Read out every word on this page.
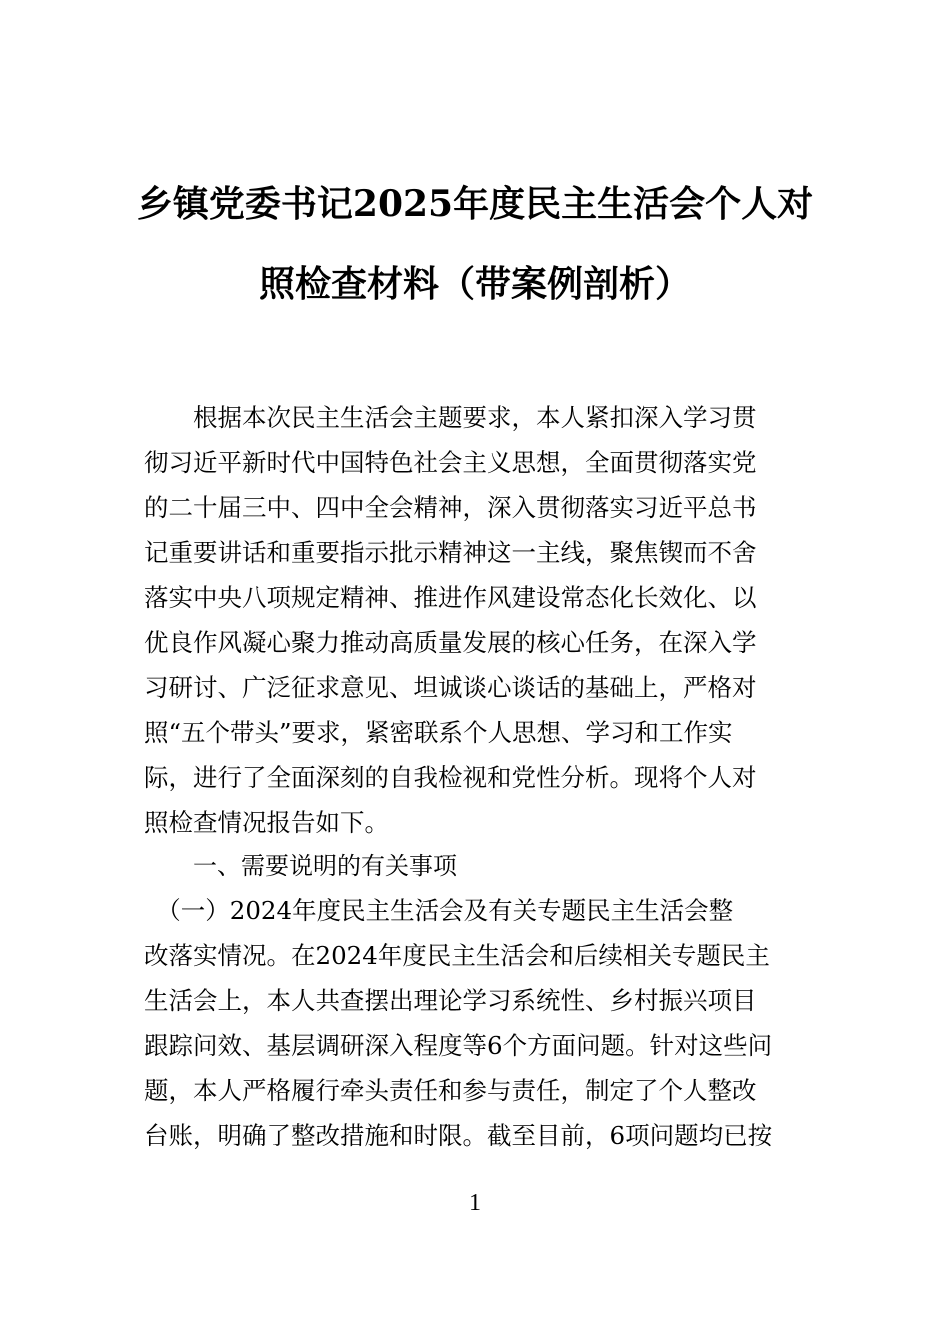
乡镇党委书记2025年度民主生活会个人对
照检查材料（带案例剖析）
　　根据本次民主生活会主题要求，本人紧扣深入学习贯
彻习近平新时代中国特色社会主义思想，全面贯彻落实党
的二十届三中、四中全会精神，深入贯彻落实习近平总书
记重要讲话和重要指示批示精神这一主线，聚焦锲而不舍
落实中央八项规定精神、推进作风建设常态化长效化、以
优良作风凝心聚力推动高质量发展的核心任务，在深入学
习研讨、广泛征求意见、坦诚谈心谈话的基础上，严格对
照“五个带头”要求，紧密联系个人思想、学习和工作实
际，进行了全面深刻的自我检视和党性分析。现将个人对
照检查情况报告如下。
一、需要说明的有关事项
　（一）2024年度民主生活会及有关专题民主生活会整
改落实情况。在2024年度民主生活会和后续相关专题民主
生活会上，本人共查摆出理论学习系统性、乡村振兴项目
跟踪问效、基层调研深入程度等6个方面问题。针对这些问
题，本人严格履行牵头责任和参与责任，制定了个人整改
台账，明确了整改措施和时限。截至目前，6项问题均已按
1
